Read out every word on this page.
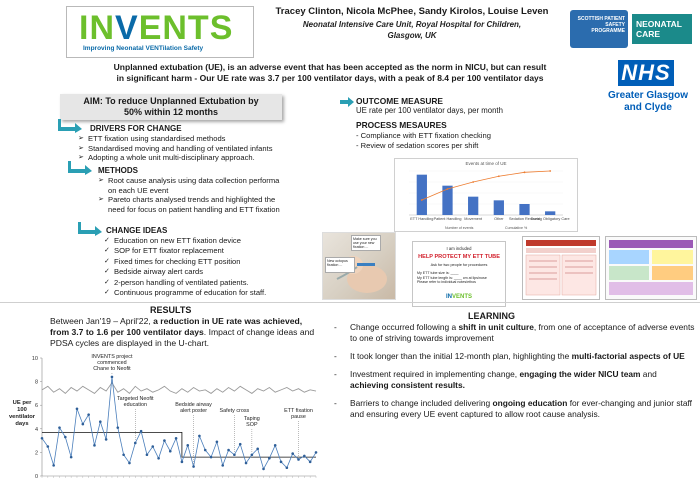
INVENTS
Improving Neonatal VENTilation Safety
Tracey Clinton, Nicola McPhee, Sandy Kirolos, Louise Leven
Neonatal Intensive Care Unit, Royal Hospital for Children,
Glasgow, UK
SCOTTISH PATIENT SAFETY PROGRAMME
NEONATAL CARE
NHS
Greater Glasgow
and Clyde
Unplanned extubation (UE), is an adverse event that has been accepted as the norm in NICU, but can result
in significant harm - Our UE rate was 3.7 per 100 ventilator days, with a peak of 8.4 per 100 ventilator days
AIM: To reduce Unplanned Extubation by
50% within 12 months
DRIVERS FOR CHANGE
➢ ETT fixation using standardised methods
➢ Standardised moving and handling of ventilated infants
➢ Adopting a whole unit multi-disciplinary approach.
METHODS
➢ Root cause analysis using data collection performa
on each UE event
➢ Pareto charts analysed trends and highlighted the
need for focus on patient handling and ETT fixation
CHANGE IDEAS
✓ Education on new ETT fixation device
✓ SOP for ETT fixator replacement
✓ Fixed times for checking ETT position
✓ Bedside airway alert cards
✓ 2-person handling of ventilated patients.
✓ Continuous programme of education for staff.
OUTCOME MEASURE
UE rate per 100 ventilator days, per month
PROCESS MESAURES
- Compliance with ETT fixation checking
- Review of sedation scores per shift
Events at time of UE
ETT Handling Patient Handling Movement	Other Sedation Removal
During Obligatory Care
Number of events	Cumulative %
New octopus fixation ...
Make sure you use your new fixation ...	I am included
HELP PROTECT MY ETT TUBE
Ask for two people for procedures
My ETT tube size is: ____
My ETT tube length is: ____ cm at lips/nose
Please refer to individual notes/ethos
INVENTS
RESULTS
Between Jan'19 – April'22, a reduction in UE rate was achieved, from 3.7 to 1.6 per 100 ventilator days. Impact of change ideas and PDSA cycles are displayed in the U-chart.
0
2
4
6
8
10
UE per
100
ventilator
days
INVENTS project
commenced
Chane to Neofit
Targeted Neofit
education	Bedside airway
alert poster Safety cross
Taping
SOP
ETT fixation
pause
LEARNING
- Change occurred following a shift in unit culture, from one of acceptance of adverse events to one of striving towards improvement
- It took longer than the initial 12-month plan, highlighting the multi-factorial aspects of UE
- Investment required in implementing change, engaging the wider NICU team and achieving consistent results.
- Barriers to change included delivering ongoing education for ever-changing and junior staff and ensuring every UE event captured to allow root cause analysis.
